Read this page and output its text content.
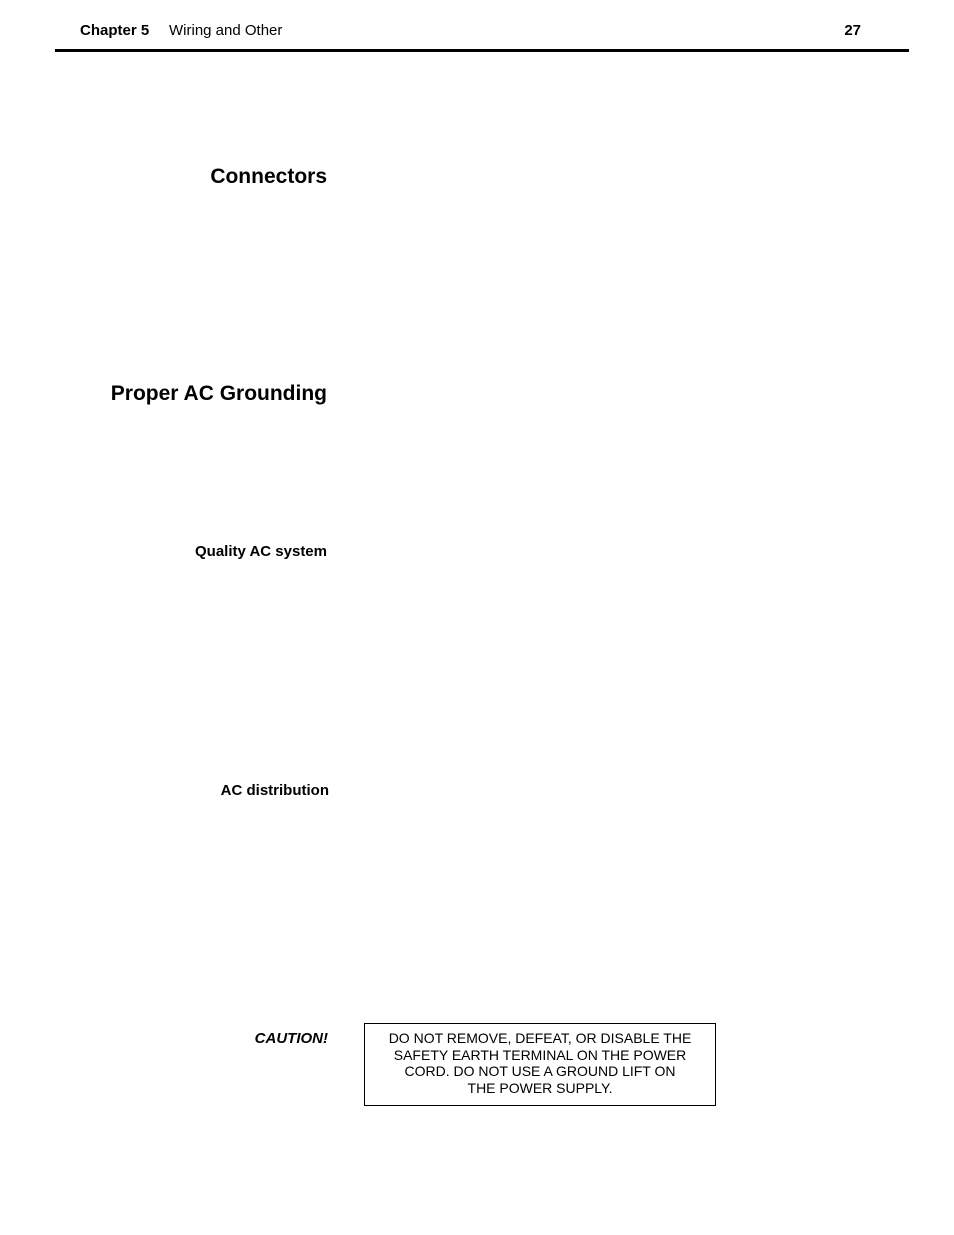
Chapter 5 Wiring and Other	27
Connectors
Proper AC Grounding
Quality AC system
AC distribution
CAUTION!	DO NOT REMOVE, DEFEAT, OR DISABLE THE
SAFETY EARTH TERMINAL ON THE POWER
CORD. DO NOT USE A GROUND LIFT ON
THE POWER SUPPLY.
